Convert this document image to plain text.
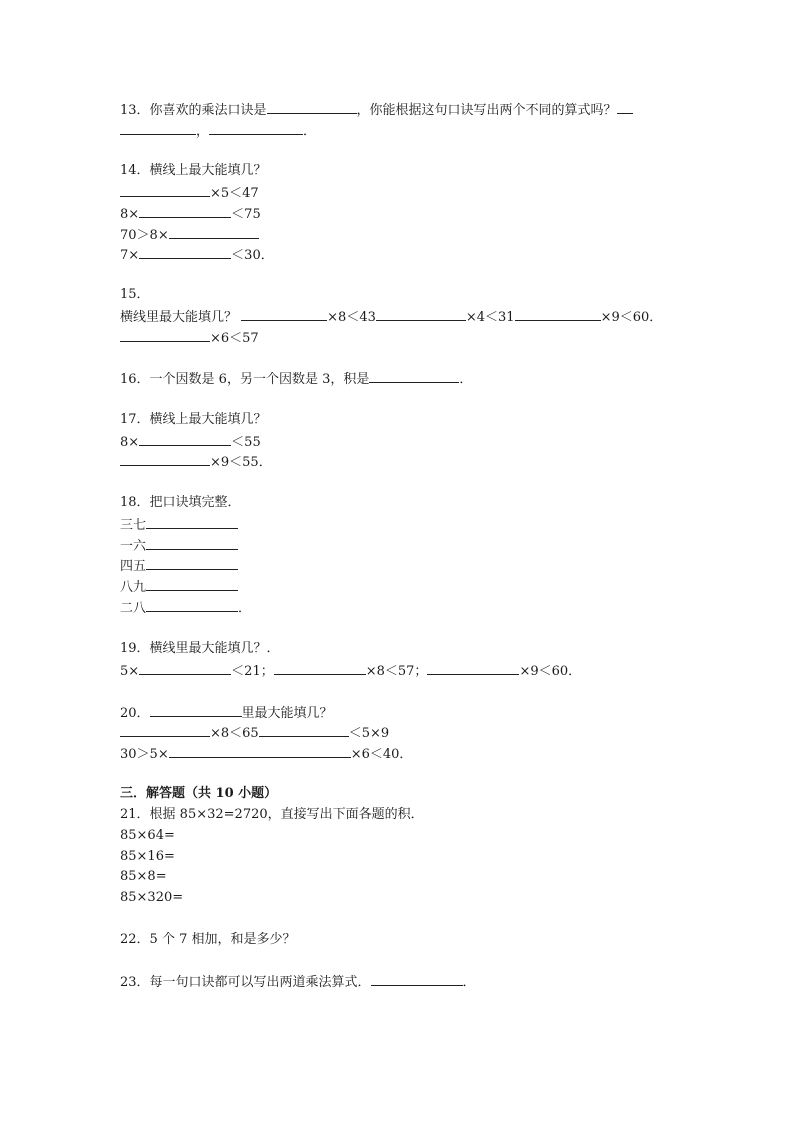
13．你喜欢的乘法口诀是	，你能根据这句口诀写出两个不同的算式吗？
，	．
14．横线上最大能填几？
×5＜47
8×	＜75
70＞8×
7×	＜30．
15．
横线里最大能填几？	×8＜43	×4＜31	×9＜60．
×6＜57
16．一个因数是 6，另一个因数是 3，积是	．
17．横线上最大能填几？
8×	＜55
×9＜55．
18．把口诀填完整．
三七
一六
四五
八九
二八	．
19．横线里最大能填几？．
5×	＜21；	×8＜57；	×9＜60．
20．	里最大能填几？
×8＜65	＜5×9
30＞5×	×6＜40．
三．解答题（共 10 小题）
21．根据 85×32=2720，直接写出下面各题的积．
85×64=
85×16=
85×8=
85×320=
22．5 个 7 相加，和是多少？
23．每一句口诀都可以写出两道乘法算式．	．
